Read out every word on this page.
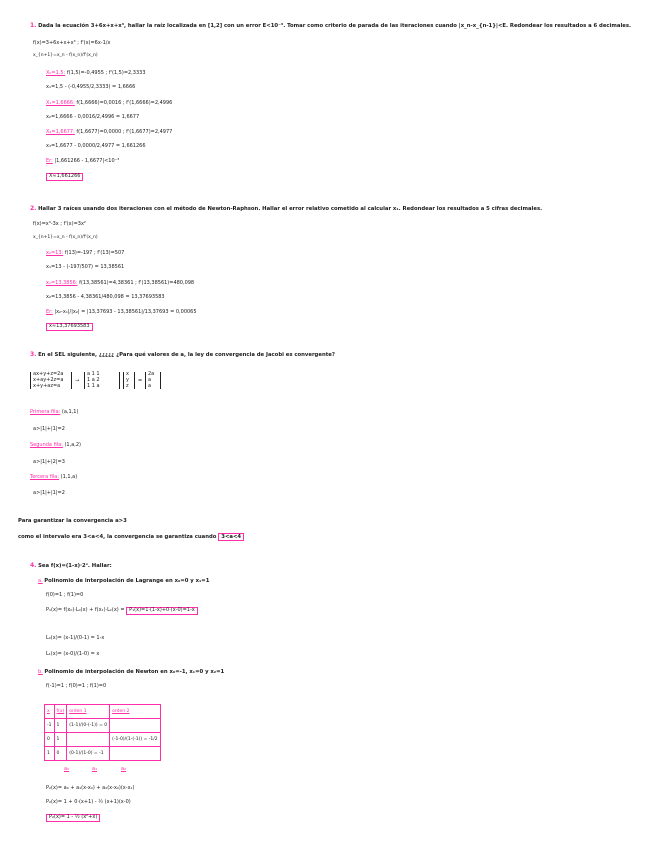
1. Dada la ecuación 3+6x+x+x³, hallar la raíz localizada en [1,2] con un error E<10⁻³. Tomar como criterio de parada de las iteraciones cuando |x_n-x_{n-1}|<E. Redondear los resultados a 6 decimales.
f(x)=3+6x+x+x³ ; f'(x)=6x-1/x
x_{n+1}=x_n - f(x_n)/f'(x_n)
X₀=1.5: f(1,5)=-0,4955 ; f'(1,5)=2,3333
x₁=1,5 - (-0,4955/2,3333) = 1,6666
X₁=1,6666: f(1,6666)=0,0016 ; f'(1,6666)=2,4996
x₂=1,6666 - 0,0016/2,4996 = 1,6677
X₂=1,6677: f(1,6677)=0,0000 ; f'(1,6677)=2,4977
x₃=1,6677 - 0,0000/2,4977 = 1,661266
Er: |1,661266 - 1,6677|<10⁻³
X≈1,661266
2. Hallar 3 raíces usando dos iteraciones con el método de Newton-Raphson. Hallar el error relativo cometido al calcular x₁. Redondear los resultados a 5 cifras decimales.
f(x)=x³-3x ; f'(x)=3x²
x_{n+1}=x_n - f(x_n)/f'(x_n)
x₀=13: f(13)=-197 ; f'(13)=507
x₁=13 - (-197/507) = 13,38561
x₁=13,3856: f(13,38561)=4,38361 ; f'(13,38561)=480,098
x₂=13,3856 - 4,38361/480,098 = 13,37693583
Er: |x₂-x₁|/|x₂| = |13,37693 - 13,38561|/13,37693 = 0,00065
x≈13,37693583
3. En el SEL siguiente, ¿¿¿¿¿ ¿Para qué valores de a, la ley de convergencia de Jacobi es convergente?
ax+y+z=2a
x+ay+2z=a
x+y+az=a
→
a 1 1
1 a 2
1 1 a
x
y
z
=
2a
a
a
Primera fila: (a,1,1)
a>|1|+|1|=2
Segunda fila: (1,a,2)
a>|1|+|2|=3
Tercera fila: (1,1,a)
a>|1|+|1|=2
Para garantizar la convergencia a>3
como el intervalo era 3<a<4, la convergencia se garantiza cuando 3<a<4
4. Sea f(x)=(1-x)·2ˣ. Hallar:
a. Polinomio de interpolación de Lagrange en x₀=0 y x₁=1
f(0)=1 ; f(1)=0
P₁(x)= f(x₀)·L₀(x) + f(x₁)·L₁(x) = P₁(x)=1·(1-x)+0·(x-0)=1-x
L₀(x)= (x-1)/(0-1) = 1-x
L₁(x)= (x-0)/(1-0) = x
b. Polinomio de interpolación de Newton en x₀=-1, x₁=0 y x₂=1
f(-1)=1 ; f(0)=1 ; f(1)=0
x	f(x)	orden 1	orden 2
-1	1	(1-1)/(0-(-1)) = 0	
0	1		(-1-0)/(1-(-1)) = -1/2
1	0	(0-1)/(1-0) = -1	
a₀	a₁	a₂
P₂(x)= a₀ + a₁(x-x₀) + a₂(x-x₀)(x-x₁)
P₂(x)= 1 + 0·(x+1) - ½ (x+1)(x-0)
P₂(x)= 1 - ½ (x²+x)
